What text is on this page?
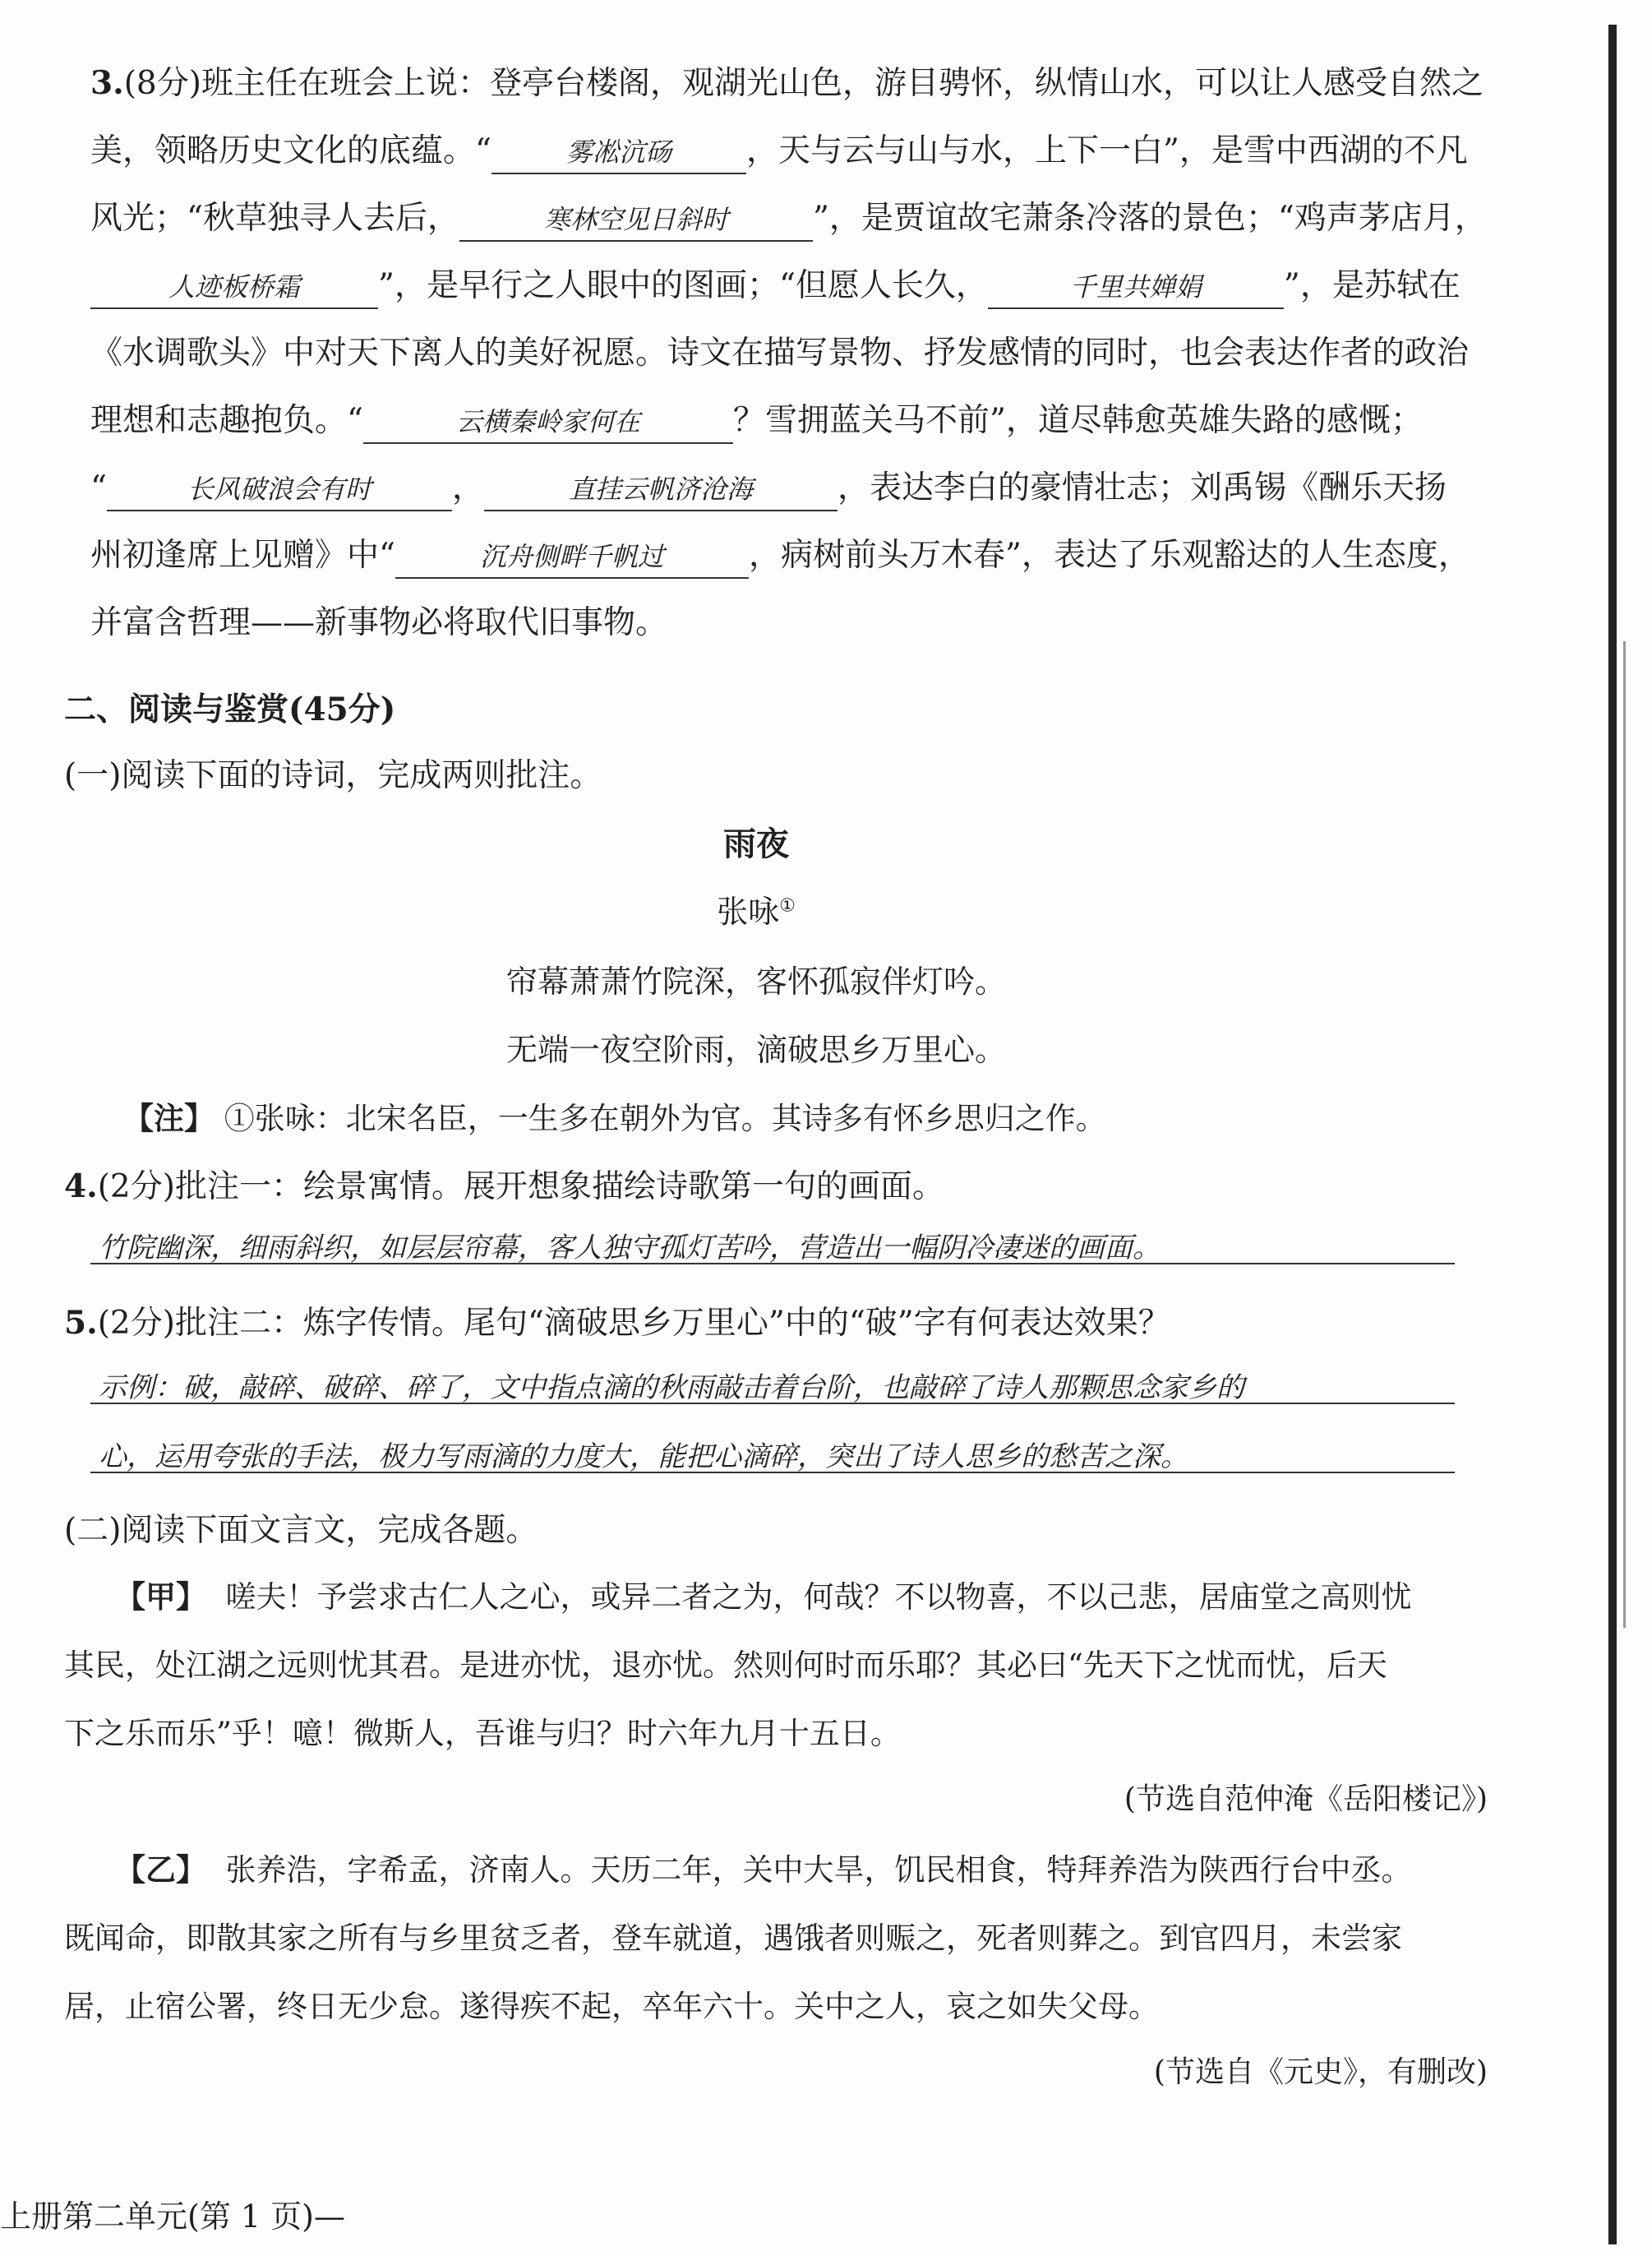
3.(8分)班主任在班会上说：登亭台楼阁，观湖光山色，游目骋怀，纵情山水，可以让人感受自然之
美，领略历史文化的底蕴。“	雾凇沆砀 ，天与云与山与水，上下一白”，是雪中西湖的不凡
风光；“秋草独寻人去后，	寒林空见日斜时	”，是贾谊故宅萧条冷落的景色；“鸡声茅店月，
人迹板桥霜 ”，是早行之人眼中的图画；“但愿人长久，	千里共婵娟	”，是苏轼在
《水调歌头》中对天下离人的美好祝愿。诗文在描写景物、抒发感情的同时，也会表达作者的政治
理想和志趣抱负。“	云横秦岭家何在	？雪拥蓝关马不前”，道尽韩愈英雄失路的感慨；
“	长风破浪会有时	，	直挂云帆济沧海	，表达李白的豪情壮志；刘禹锡《酬乐天扬
州初逢席上见赠》中“	沉舟侧畔千帆过	，病树前头万木春”，表达了乐观豁达的人生态度，
并富含哲理——新事物必将取代旧事物。
二、阅读与鉴赏(45分)
(一)阅读下面的诗词，完成两则批注。
雨夜
张咏①
帘幕萧萧竹院深，客怀孤寂伴灯吟。
无端一夜空阶雨，滴破思乡万里心。
【注】 ①张咏：北宋名臣，一生多在朝外为官。其诗多有怀乡思归之作。
4.(2分)批注一：绘景寓情。展开想象描绘诗歌第一句的画面。
竹院幽深，细雨斜织，如层层帘幕，客人独守孤灯苦吟，营造出一幅阴冷凄迷的画面。
5.(2分)批注二：炼字传情。尾句“滴破思乡万里心”中的“破”字有何表达效果？
示例：破，敲碎、破碎、碎了，文中指点滴的秋雨敲击着台阶，也敲碎了诗人那颗思念家乡的
心，运用夸张的手法，极力写雨滴的力度大，能把心滴碎，突出了诗人思乡的愁苦之深。
(二)阅读下面文言文，完成各题。
【甲】 嗟夫！予尝求古仁人之心，或异二者之为，何哉？不以物喜，不以己悲，居庙堂之高则忧
其民，处江湖之远则忧其君。是进亦忧，退亦忧。然则何时而乐耶？其必曰“先天下之忧而忧，后天
下之乐而乐”乎！噫！微斯人，吾谁与归？时六年九月十五日。
(节选自范仲淹《岳阳楼记》)
【乙】 张养浩，字希孟，济南人。天历二年，关中大旱，饥民相食，特拜养浩为陕西行台中丞。
既闻命，即散其家之所有与乡里贫乏者，登车就道，遇饿者则赈之，死者则葬之。到官四月，未尝家
居，止宿公署，终日无少怠。遂得疾不起，卒年六十。关中之人，哀之如失父母。
(节选自《元史》，有删改)
上册第二单元(第 1 页)—
